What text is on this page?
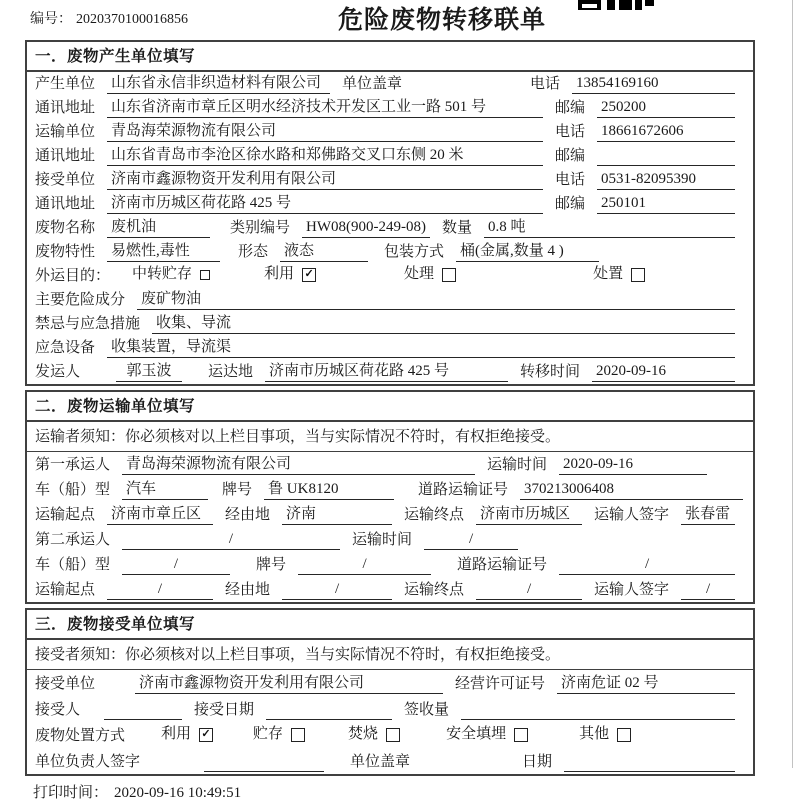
编号： 2020370100016856	危险废物转移联单
一．废物产生单位填写
产生单位 山东省永信非织造材料有限公司	单位盖章	电话 13854169160
通讯地址 山东省济南市章丘区明水经济技术开发区工业一路 501 号	邮编 250200
运输单位 青岛海荣源物流有限公司	电话 18661672606
通讯地址 山东省青岛市李沧区徐水路和郑佛路交叉口东侧 20 米	邮编
接受单位 济南市鑫源物资开发利用有限公司	电话 0531-82095390
通讯地址 济南市历城区荷花路 425 号	邮编 250101
废物名称 废机油	类别编号 HW08(900-249-08) 数量 0.8 吨
废物特性 易燃性,毒性	形态 液态	包装方式 桶(金属,数量 4 )
外运目的： 中转贮存	利用 ✓	处理	处置
主要危险成分 废矿物油
禁忌与应急措施 收集、导流
应急设备 收集装置，导流渠
发运人	郭玉波	运达地 济南市历城区荷花路 425 号	转移时间 2020-09-16
二．废物运输单位填写
运输者须知：你必须核对以上栏目事项，当与实际情况不符时，有权拒绝接受。
第一承运人 青岛海荣源物流有限公司	运输时间 2020-09-16
车（船）型 汽车	牌号 鲁 UK8120	道路运输证号 370213006408
运输起点 济南市章丘区	经由地 济南	运输终点 济南市历城区	运输人签字 张春雷
第二承运人	/	运输时间	/
车（船）型	/	牌号	/	道路运输证号	/
运输起点	/	经由地	/	运输终点	/	运输人签字	/
三．废物接受单位填写
接受者须知：你必须核对以上栏目事项，当与实际情况不符时，有权拒绝接受。
接受单位	济南市鑫源物资开发利用有限公司	经营许可证号 济南危证 02 号
接受人	接受日期	签收量
废物处置方式 利用 ✓	贮存	焚烧	安全填埋	其他
单位负责人签字	单位盖章	日期
打印时间： 2020-09-16 10:49:51
